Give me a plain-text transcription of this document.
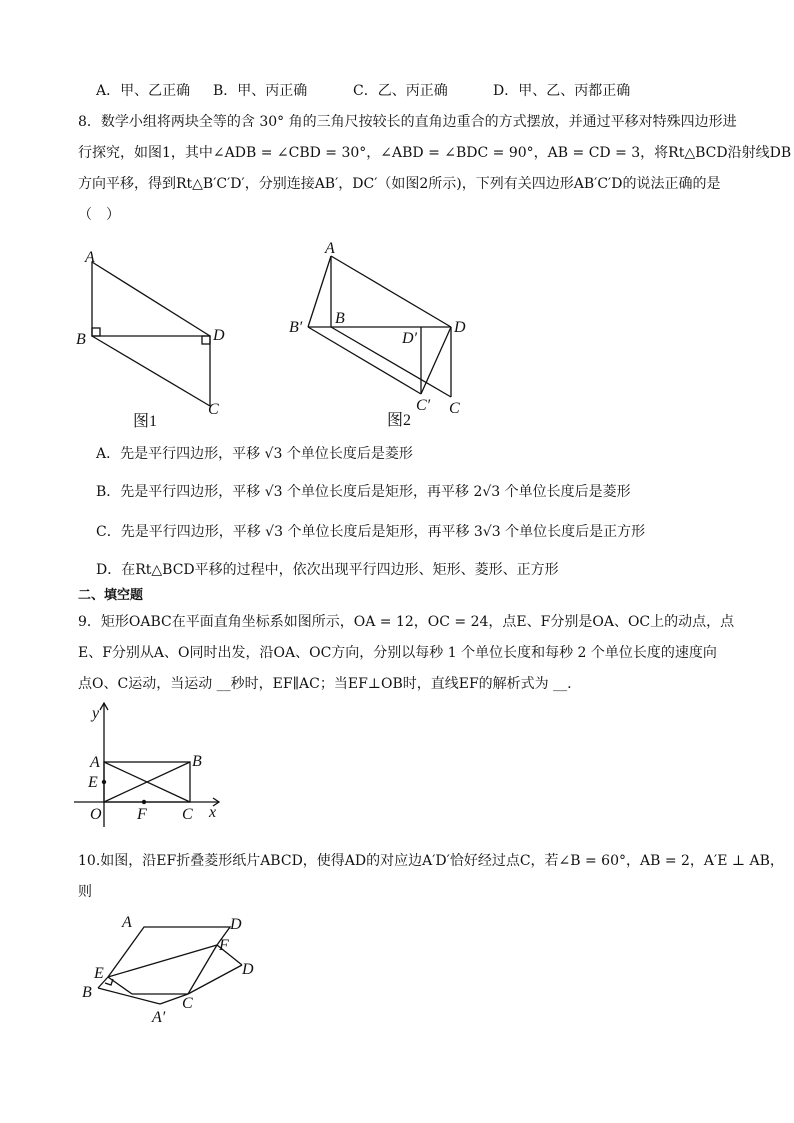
A．甲、乙正确 B．甲、丙正确	C．乙、丙正确	D．甲、乙、丙都正确
8．数学小组将两块全等的含 30° 角的三角尺按较长的直角边重合的方式摆放，并通过平移对特殊四边形进
行探究，如图1，其中∠ADB = ∠CBD = 30°，∠ABD = ∠BDC = 90°，AB = CD = 3，将Rt△BCD沿射线DB
方向平移，得到Rt△B′C′D′，分别连接AB′，DC′（如图2所示)，下列有关四边形AB′C′D的说法正确的是
（　）
A
B	D
C
图1
A
B′
B
D′
D
C′ C
图2
A．先是平行四边形，平移 √3 个单位长度后是菱形
B．先是平行四边形，平移 √3 个单位长度后是矩形，再平移 2√3 个单位长度后是菱形
C．先是平行四边形，平移 √3 个单位长度后是矩形，再平移 3√3 个单位长度后是正方形
D．在Rt△BCD平移的过程中，依次出现平行四边形、矩形、菱形、正方形
二、填空题
9．矩形OABC在平面直角坐标系如图所示，OA = 12，OC = 24，点E、F分别是OA、OC上的动点，点
E、F分别从A、O同时出发，沿OA、OC方向，分别以每秒 1 个单位长度和每秒 2 个单位长度的速度向
点O、C运动，当运动 __秒时，EF∥AC；当EF⊥OB时，直线EF的解析式为 __.
y
x
A	B
E
O F C
10.如图，沿EF折叠菱形纸片ABCD，使得AD的对应边A′D′恰好经过点C，若∠B = 60°，AB = 2，A′E ⊥ AB，
则
A	D
F
D
E
B
C
A′
